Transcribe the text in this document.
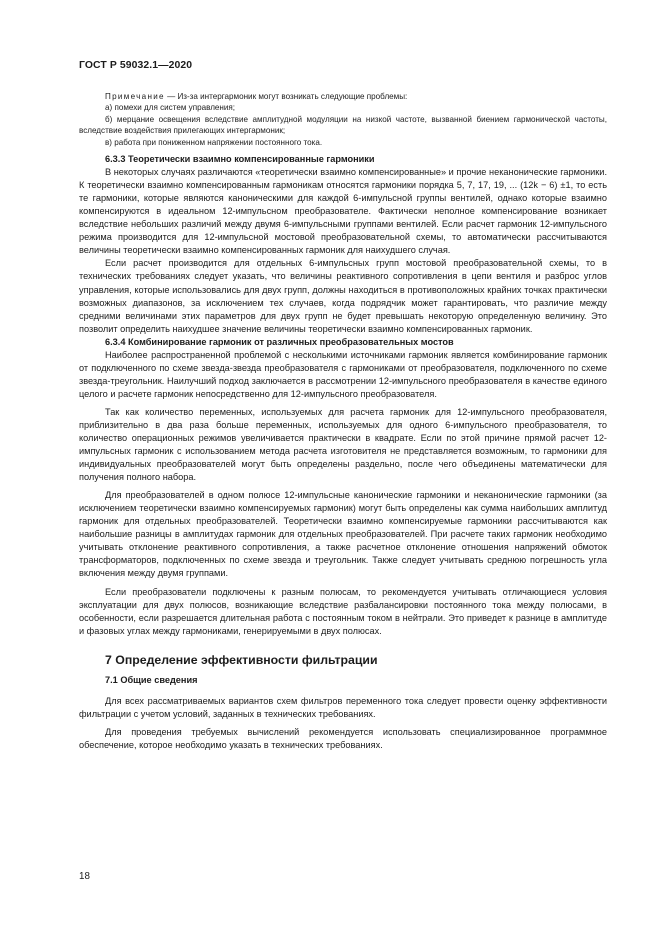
ГОСТ Р 59032.1—2020

Примечание — Из-за интергармоник могут возникать следующие проблемы:

а) помехи для систем управления;

б) мерцание освещения вследствие амплитудной модуляции на низкой частоте, вызванной биением гармонической частоты, вследствие воздействия прилегающих интергармоник;

в) работа при пониженном напряжении постоянного тока.

6.3.3 Теоретически взаимно компенсированные гармоники

В некоторых случаях различаются «теоретически взаимно компенсированные» и прочие неканонические гармоники. К теоретически взаимно компенсированным гармоникам относятся гармоники порядка 5, 7, 17, 19, ... (12k − 6) ±1, то есть те гармоники, которые являются каноническими для каждой 6-импульсной группы вентилей, однако которые взаимно компенсируются в идеальном 12-импульсном преобразователе. Фактически неполное компенсирование возникает вследствие небольших различий между двумя 6-импульсными группами вентилей. Если расчет гармоник 12-импульсного режима производится для 12-импульсной мостовой преобразовательной схемы, то автоматически рассчитываются величины теоретически взаимно компенсированных гармоник для наихудшего случая.

Если расчет производится для отдельных 6-импульсных групп мостовой преобразовательной схемы, то в технических требованиях следует указать, что величины реактивного сопротивления в цепи вентиля и разброс углов управления, которые использовались для двух групп, должны находиться в противоположных крайних точках практически возможных диапазонов, за исключением тех случаев, когда подрядчик может гарантировать, что различие между средними величинами этих параметров для двух групп не будет превышать некоторую определенную величину. Это позволит определить наихудшее значение величины теоретически взаимно компенсированных гармоник.

6.3.4 Комбинирование гармоник от различных преобразовательных мостов

Наиболее распространенной проблемой с несколькими источниками гармоник является комбинирование гармоник от подключенного по схеме звезда-звезда преобразователя с гармониками от преобразователя, подключенного по схеме звезда-треугольник. Наилучший подход заключается в рассмотрении 12-импульсного преобразователя в качестве единого целого и расчете гармоник непосредственно для 12-импульсного преобразователя.

Так как количество переменных, используемых для расчета гармоник для 12-импульсного преобразователя, приблизительно в два раза больше переменных, используемых для одного 6-импульсного преобразователя, то количество операционных режимов увеличивается практически в квадрате. Если по этой причине прямой расчет 12-импульсных гармоник с использованием метода расчета изготовителя не представляется возможным, то гармоники для индивидуальных преобразователей могут быть определены раздельно, после чего объединены математически для получения полного набора.

Для преобразователей в одном полюсе 12-импульсные канонические гармоники и неканонические гармоники (за исключением теоретически взаимно компенсируемых гармоник) могут быть определены как сумма наибольших амплитуд гармоник для отдельных преобразователей. Теоретически взаимно компенсируемые гармоники рассчитываются как наибольшие разницы в амплитудах гармоник для отдельных преобразователей. При расчете таких гармоник необходимо учитывать отклонение реактивного сопротивления, а также расчетное отклонение отношения напряжений обмоток трансформаторов, подключенных по схеме звезда и треугольник. Также следует учитывать среднюю погрешность угла включения между двумя группами.

Если преобразователи подключены к разным полюсам, то рекомендуется учитывать отличающиеся условия эксплуатации для двух полюсов, возникающие вследствие разбалансировки постоянного тока между полюсами, в особенности, если разрешается длительная работа с постоянным током в нейтрали. Это приведет к разнице в амплитуде и фазовых углах между гармониками, генерируемыми в двух полюсах.

7 Определение эффективности фильтрации

7.1 Общие сведения

Для всех рассматриваемых вариантов схем фильтров переменного тока следует провести оценку эффективности фильтрации с учетом условий, заданных в технических требованиях.

Для проведения требуемых вычислений рекомендуется использовать специализированное программное обеспечение, которое необходимо указать в технических требованиях.

18
